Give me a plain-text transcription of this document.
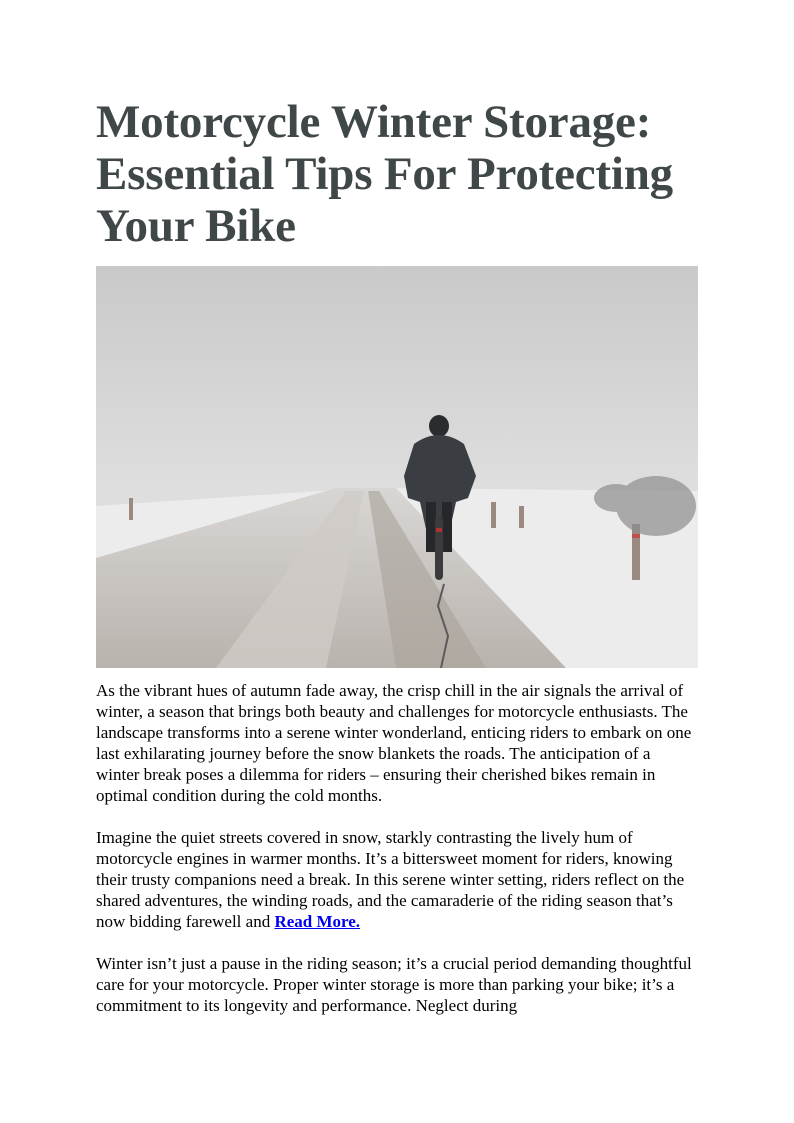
Motorcycle Winter Storage: Essential Tips For Protecting Your Bike

As the vibrant hues of autumn fade away, the crisp chill in the air signals the arrival of winter, a season that brings both beauty and challenges for motorcycle enthusiasts. The landscape transforms into a serene winter wonderland, enticing riders to embark on one last exhilarating journey before the snow blankets the roads. The anticipation of a winter break poses a dilemma for riders – ensuring their cherished bikes remain in optimal condition during the cold months.

Imagine the quiet streets covered in snow, starkly contrasting the lively hum of motorcycle engines in warmer months. It’s a bittersweet moment for riders, knowing their trusty companions need a break. In this serene winter setting, riders reflect on the shared adventures, the winding roads, and the camaraderie of the riding season that’s now bidding farewell and Read More.

Winter isn’t just a pause in the riding season; it’s a crucial period demanding thoughtful care for your motorcycle. Proper winter storage is more than parking your bike; it’s a commitment to its longevity and performance. Neglect during
